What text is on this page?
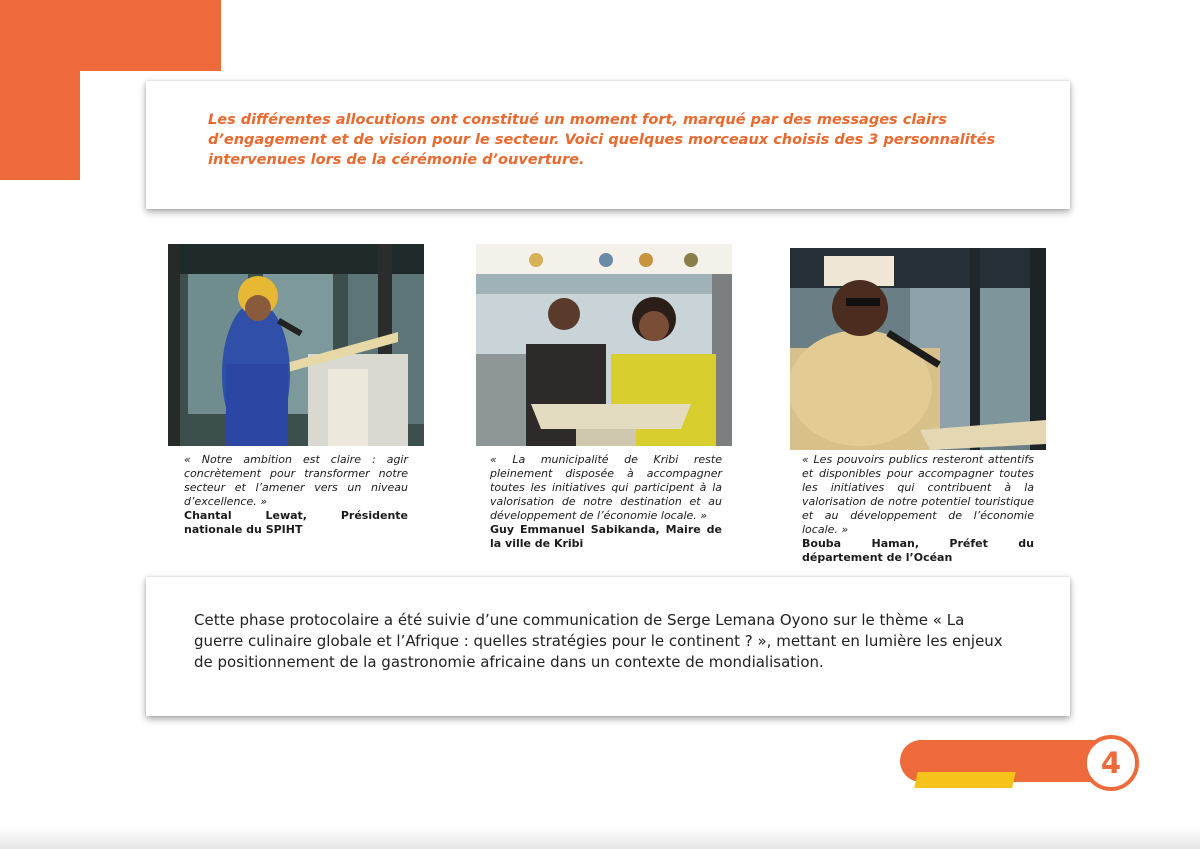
Les différentes allocutions ont constitué un moment fort, marqué par des messages clairs d’engagement et de vision pour le secteur. Voici quelques morceaux choisis des 3 personnalités intervenues lors de la cérémonie d’ouverture.

« Notre ambition est claire : agir concrètement pour transformer notre secteur et l’amener vers un niveau d’excellence. »
Chantal Lewat, Présidente nationale du SPIHT

« La municipalité de Kribi reste pleinement disposée à accompagner toutes les initiatives qui participent à la valorisation de notre destination et au développement de l’économie locale. »
Guy Emmanuel Sabikanda, Maire de la ville de Kribi

« Les pouvoirs publics resteront attentifs et disponibles pour accompagner toutes les initiatives qui contribuent à la valorisation de notre potentiel touristique et au développement de l’économie locale. »
Bouba Haman, Préfet du département de l’Océan

Cette phase protocolaire a été suivie d’une communication de Serge Lemana Oyono sur le thème « La guerre culinaire globale et l’Afrique : quelles stratégies pour le continent ? », mettant en lumière les enjeux de positionnement de la gastronomie africaine dans un contexte de mondialisation.

4
